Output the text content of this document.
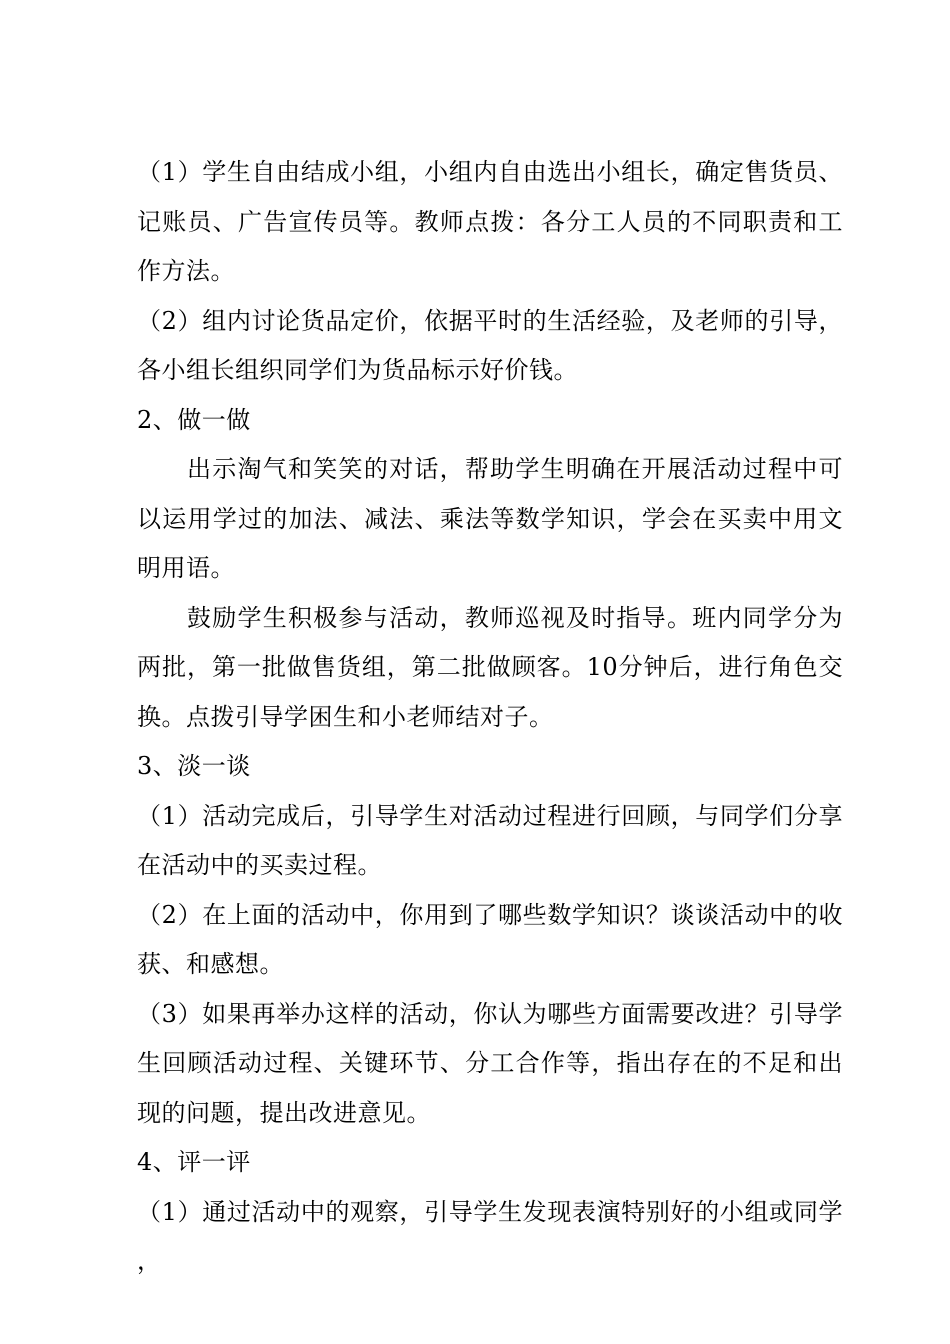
（1）学生自由结成小组，小组内自由选出小组长，确定售货员、记账员、广告宣传员等。教师点拨：各分工人员的不同职责和工作方法。

（2）组内讨论货品定价，依据平时的生活经验，及老师的引导，各小组长组织同学们为货品标示好价钱。

2、做一做

出示淘气和笑笑的对话，帮助学生明确在开展活动过程中可以运用学过的加法、减法、乘法等数学知识，学会在买卖中用文明用语。

鼓励学生积极参与活动，教师巡视及时指导。班内同学分为两批，第一批做售货组，第二批做顾客。10分钟后，进行角色交换。点拨引导学困生和小老师结对子。

3、淡一谈

（1）活动完成后，引导学生对活动过程进行回顾，与同学们分享在活动中的买卖过程。

（2）在上面的活动中，你用到了哪些数学知识？谈谈活动中的收获、和感想。

（3）如果再举办这样的活动，你认为哪些方面需要改进？引导学生回顾活动过程、关键环节、分工合作等，指出存在的不足和出现的问题，提出改进意见。

4、评一评

（1）通过活动中的观察，引导学生发现表演特别好的小组或同学，
